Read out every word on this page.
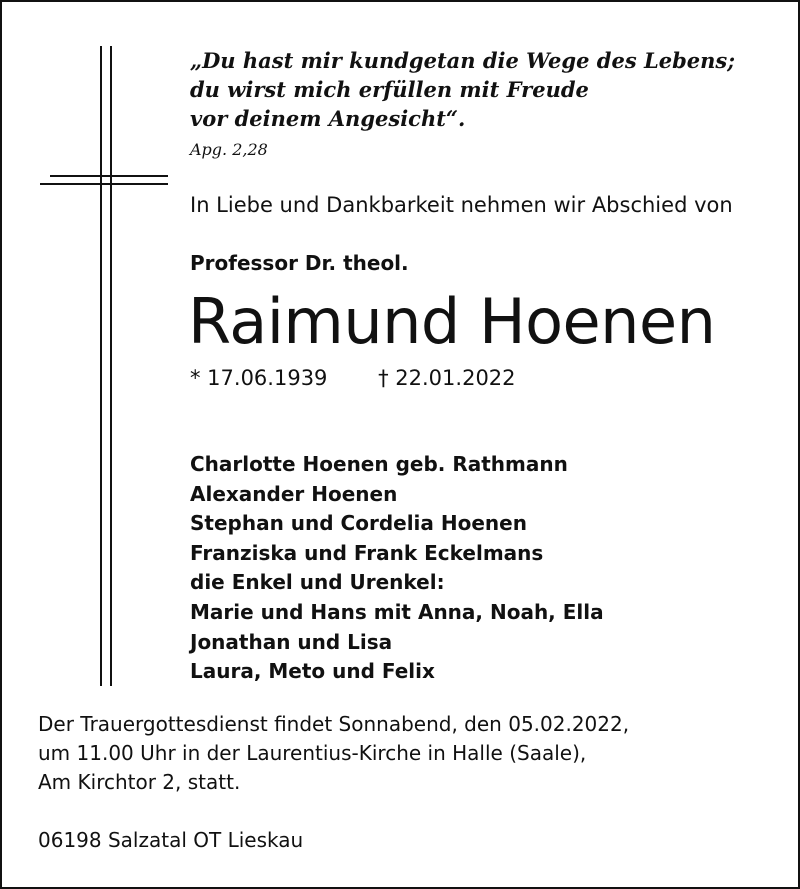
„Du hast mir kundgetan die Wege des Lebens;
du wirst mich erfüllen mit Freude
vor deinem Angesicht“.
Apg. 2,28
In Liebe und Dankbarkeit nehmen wir Abschied von
Professor Dr. theol.
Raimund Hoenen
* 17.06.1939 † 22.01.2022
Charlotte Hoenen geb. Rathmann
Alexander Hoenen
Stephan und Cordelia Hoenen
Franziska und Frank Eckelmans
die Enkel und Urenkel:
Marie und Hans mit Anna, Noah, Ella
Jonathan und Lisa
Laura, Meto und Felix
Der Trauergottesdienst findet Sonnabend, den 05.02.2022,
um 11.00 Uhr in der Laurentius-Kirche in Halle (Saale),
Am Kirchtor 2, statt.
06198 Salzatal OT Lieskau
